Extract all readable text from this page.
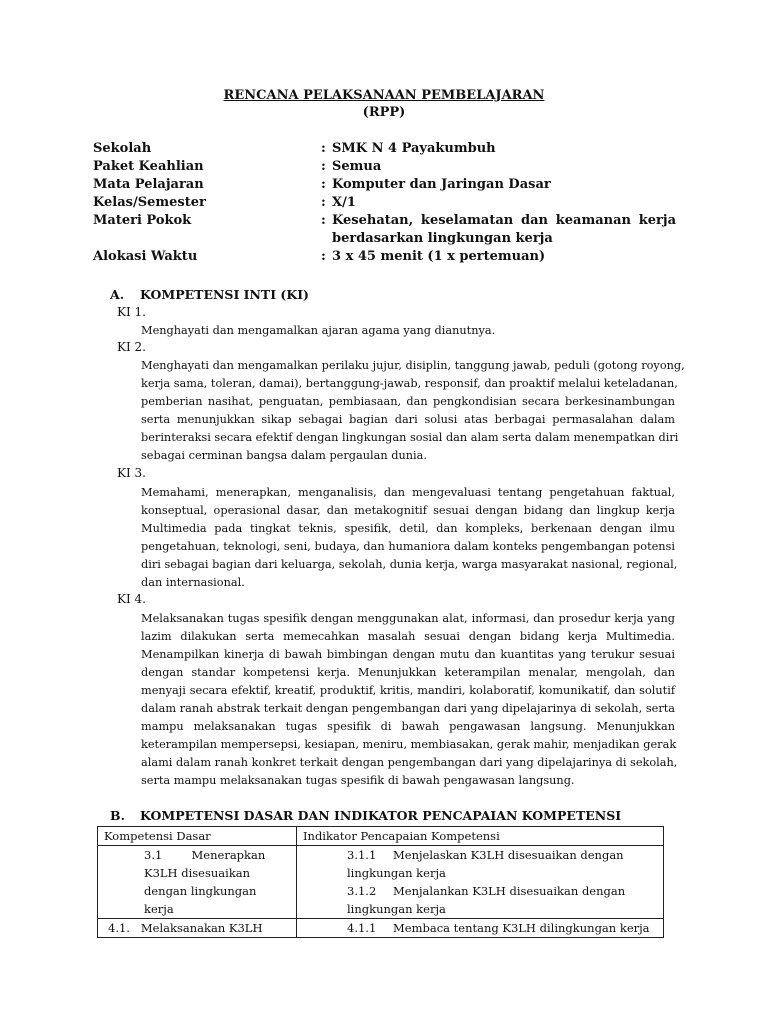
RENCANA PELAKSANAAN PEMBELAJARAN
(RPP)
Sekolah	: SMK N 4 Payakumbuh
Paket Keahlian	: Semua
Mata Pelajaran	: Komputer dan Jaringan Dasar
Kelas/Semester	: X/1
Materi Pokok	: Kesehatan, keselamatan dan keamanan kerja
berdasarkan lingkungan kerja
Alokasi Waktu	: 3 x 45 menit (1 x pertemuan)
A. KOMPETENSI INTI (KI)
KI 1.
Menghayati dan mengamalkan ajaran agama yang dianutnya.
KI 2.
Menghayati dan mengamalkan perilaku jujur, disiplin, tanggung jawab, peduli (gotong royong,
kerja sama, toleran, damai), bertanggung-jawab, responsif, dan proaktif melalui keteladanan,
pemberian nasihat, penguatan, pembiasaan, dan pengkondisian secara berkesinambungan
serta menunjukkan sikap sebagai bagian dari solusi atas berbagai permasalahan dalam
berinteraksi secara efektif dengan lingkungan sosial dan alam serta dalam menempatkan diri
sebagai cerminan bangsa dalam pergaulan dunia.
KI 3.
Memahami, menerapkan, menganalisis, dan mengevaluasi tentang pengetahuan faktual,
konseptual, operasional dasar, dan metakognitif sesuai dengan bidang dan lingkup kerja
Multimedia pada tingkat teknis, spesifik, detil, dan kompleks, berkenaan dengan ilmu
pengetahuan, teknologi, seni, budaya, dan humaniora dalam konteks pengembangan potensi
diri sebagai bagian dari keluarga, sekolah, dunia kerja, warga masyarakat nasional, regional,
dan internasional.
KI 4.
Melaksanakan tugas spesifik dengan menggunakan alat, informasi, dan prosedur kerja yang
lazim dilakukan serta memecahkan masalah sesuai dengan bidang kerja Multimedia.
Menampilkan kinerja di bawah bimbingan dengan mutu dan kuantitas yang terukur sesuai
dengan standar kompetensi kerja. Menunjukkan keterampilan menalar, mengolah, dan
menyaji secara efektif, kreatif, produktif, kritis, mandiri, kolaboratif, komunikatif, dan solutif
dalam ranah abstrak terkait dengan pengembangan dari yang dipelajarinya di sekolah, serta
mampu melaksanakan tugas spesifik di bawah pengawasan langsung. Menunjukkan
keterampilan mempersepsi, kesiapan, meniru, membiasakan, gerak mahir, menjadikan gerak
alami dalam ranah konkret terkait dengan pengembangan dari yang dipelajarinya di sekolah,
serta mampu melaksanakan tugas spesifik di bawah pengawasan langsung.
B. KOMPETENSI DASAR DAN INDIKATOR PENCAPAIAN KOMPETENSI
Kompetensi Dasar	Indikator Pencapaian Kompetensi

3.1        Menerapkan
K3LH disesuaikan
dengan lingkungan
kerja	3.1.1 Menjelaskan K3LH disesuaikan dengan
lingkungan kerja
3.1.2 Menjalankan K3LH disesuaikan dengan
lingkungan kerja

4.1.   Melaksanakan K3LH	4.1.1 Membaca tentang K3LH dilingkungan kerja
